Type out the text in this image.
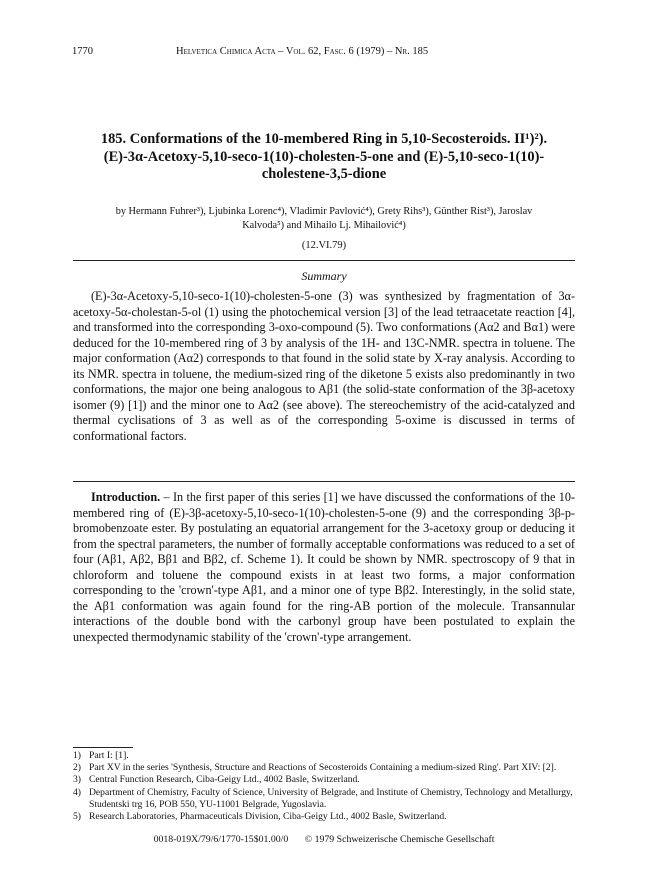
1770	Helvetica Chimica Acta – Vol. 62, Fasc. 6 (1979) – Nr. 185
185. Conformations of the 10-membered Ring in 5,10-Secosteroids. II¹)²). (E)-3α-Acetoxy-5,10-seco-1(10)-cholesten-5-one and (E)-5,10-seco-1(10)-cholestene-3,5-dione
by Hermann Fuhrer³), Ljubinka Lorenc⁴), Vladimir Pavlović⁴), Grety Rihs³), Günther Rist³), Jaroslav Kalvoda⁵) and Mihailo Lj. Mihailović⁴)
(12.VI.79)
Summary

(E)-3α-Acetoxy-5,10-seco-1(10)-cholesten-5-one (3) was synthesized by fragmentation of 3α-acetoxy-5α-cholestan-5-ol (1) using the photochemical version [3] of the lead tetraacetate reaction [4], and transformed into the corresponding 3-oxo-compound (5). Two conformations (Aα2 and Bα1) were deduced for the 10-membered ring of 3 by analysis of the 1H- and 13C-NMR. spectra in toluene. The major conformation (Aα2) corresponds to that found in the solid state by X-ray analysis. According to its NMR. spectra in toluene, the medium-sized ring of the diketone 5 exists also predominantly in two conformations, the major one being analogous to Aβ1 (the solid-state conformation of the 3β-acetoxy isomer (9) [1]) and the minor one to Aα2 (see above). The stereochemistry of the acid-catalyzed and thermal cyclisations of 3 as well as of the corresponding 5-oxime is discussed in terms of conformational factors.

Introduction. – In the first paper of this series [1] we have discussed the conformations of the 10-membered ring of (E)-3β-acetoxy-5,10-seco-1(10)-cholesten-5-one (9) and the corresponding 3β-p-bromobenzoate ester. By postulating an equatorial arrangement for the 3-acetoxy group or deducing it from the spectral parameters, the number of formally acceptable conformations was reduced to a set of four (Aβ1, Aβ2, Bβ1 and Bβ2, cf. Scheme 1). It could be shown by NMR. spectroscopy of 9 that in chloroform and toluene the compound exists in at least two forms, a major conformation corresponding to the 'crown'-type Aβ1, and a minor one of type Bβ2. Interestingly, in the solid state, the Aβ1 conformation was again found for the ring-AB portion of the molecule. Transannular interactions of the double bond with the carbonyl group have been postulated to explain the unexpected thermodynamic stability of the 'crown'-type arrangement.

1) Part I: [1].
2) Part XV in the series 'Synthesis, Structure and Reactions of Secosteroids Containing a medium-sized Ring'. Part XIV: [2].
3) Central Function Research, Ciba-Geigy Ltd., 4002 Basle, Switzerland.
4) Department of Chemistry, Faculty of Science, University of Belgrade, and Institute of Chemistry, Technology and Metallurgy, Studentski trg 16, POB 550, YU-11001 Belgrade, Yugoslavia.
5) Research Laboratories, Pharmaceuticals Division, Ciba-Geigy Ltd., 4002 Basle, Switzerland.
0018-019X/79/6/1770-15$01.00/0 © 1979 Schweizerische Chemische Gesellschaft
